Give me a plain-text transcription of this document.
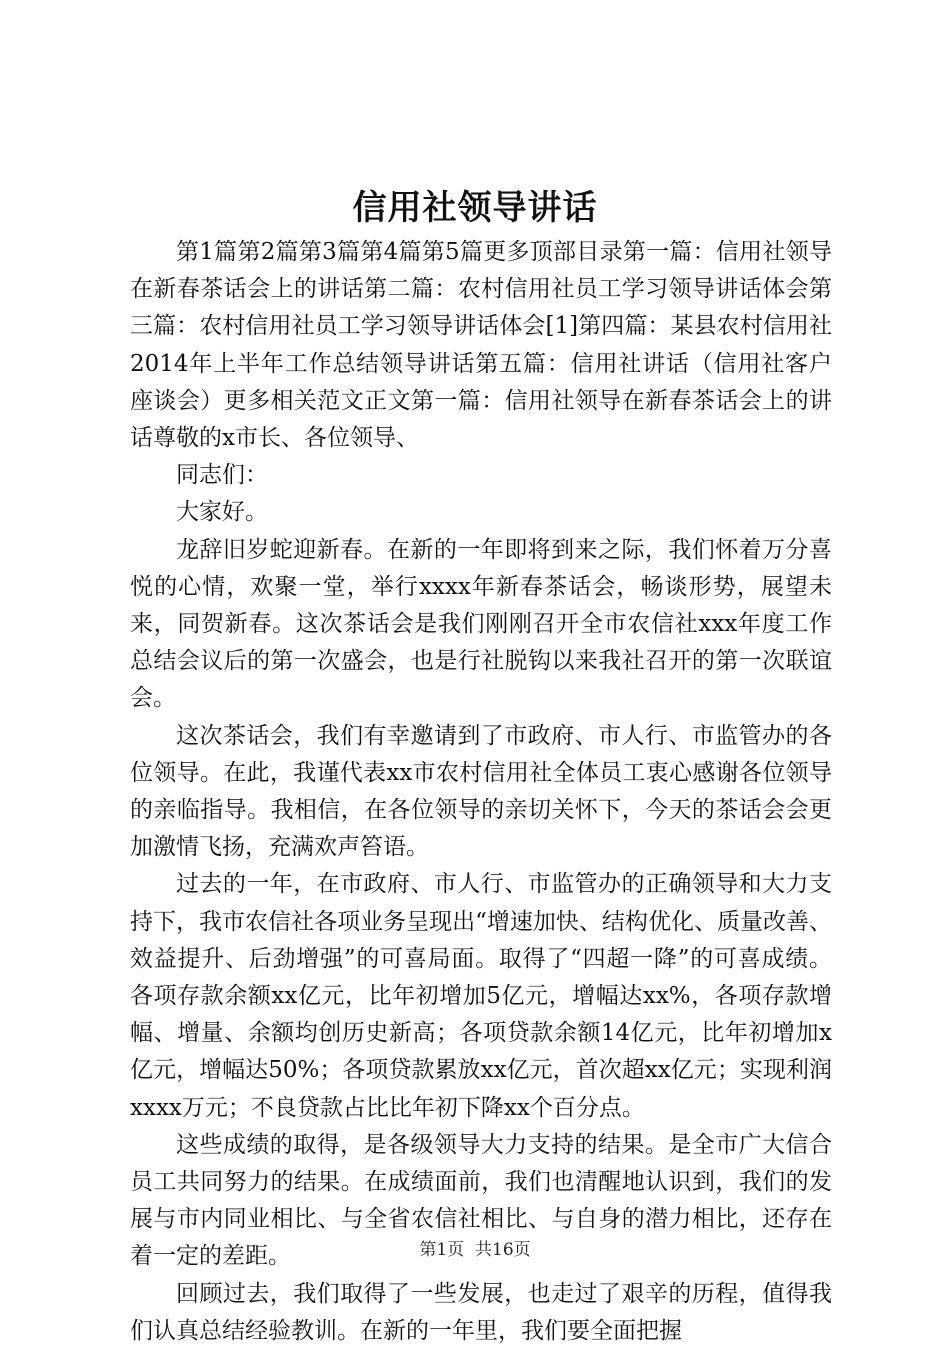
信用社领导讲话

第1篇第2篇第3篇第4篇第5篇更多顶部目录第一篇：信用社领导在新春茶话会上的讲话第二篇：农村信用社员工学习领导讲话体会第三篇：农村信用社员工学习领导讲话体会[1]第四篇：某县农村信用社2014年上半年工作总结领导讲话第五篇：信用社讲话（信用社客户座谈会）更多相关范文正文第一篇：信用社领导在新春茶话会上的讲话尊敬的x市长、各位领导、

同志们：

大家好。

龙辞旧岁蛇迎新春。在新的一年即将到来之际，我们怀着万分喜悦的心情，欢聚一堂，举行xxxx年新春茶话会，畅谈形势，展望未来，同贺新春。这次茶话会是我们刚刚召开全市农信社xxx年度工作总结会议后的第一次盛会，也是行社脱钩以来我社召开的第一次联谊会。

这次茶话会，我们有幸邀请到了市政府、市人行、市监管办的各位领导。在此，我谨代表xx市农村信用社全体员工衷心感谢各位领导的亲临指导。我相信，在各位领导的亲切关怀下，今天的茶话会会更加激情飞扬，充满欢声笞语。

过去的一年，在市政府、市人行、市监管办的正确领导和大力支持下，我市农信社各项业务呈现出“增速加快、结构优化、质量改善、效益提升、后劲增强”的可喜局面。取得了“四超一降”的可喜成绩。各项存款余额xx亿元，比年初增加5亿元，增幅达xx%，各项存款增幅、增量、余额均创历史新高；各项贷款余额14亿元，比年初增加x亿元，增幅达50%；各项贷款累放xx亿元，首次超xx亿元；实现利润xxxx万元；不良贷款占比比年初下降xx个百分点。

这些成绩的取得，是各级领导大力支持的结果。是全市广大信合员工共同努力的结果。在成绩面前，我们也清醒地认识到，我们的发展与市内同业相比、与全省农信社相比、与自身的潜力相比，还存在着一定的差距。

回顾过去，我们取得了一些发展，也走过了艰辛的历程，值得我们认真总结经验教训。在新的一年里，我们要全面把握

第1页 共16页
